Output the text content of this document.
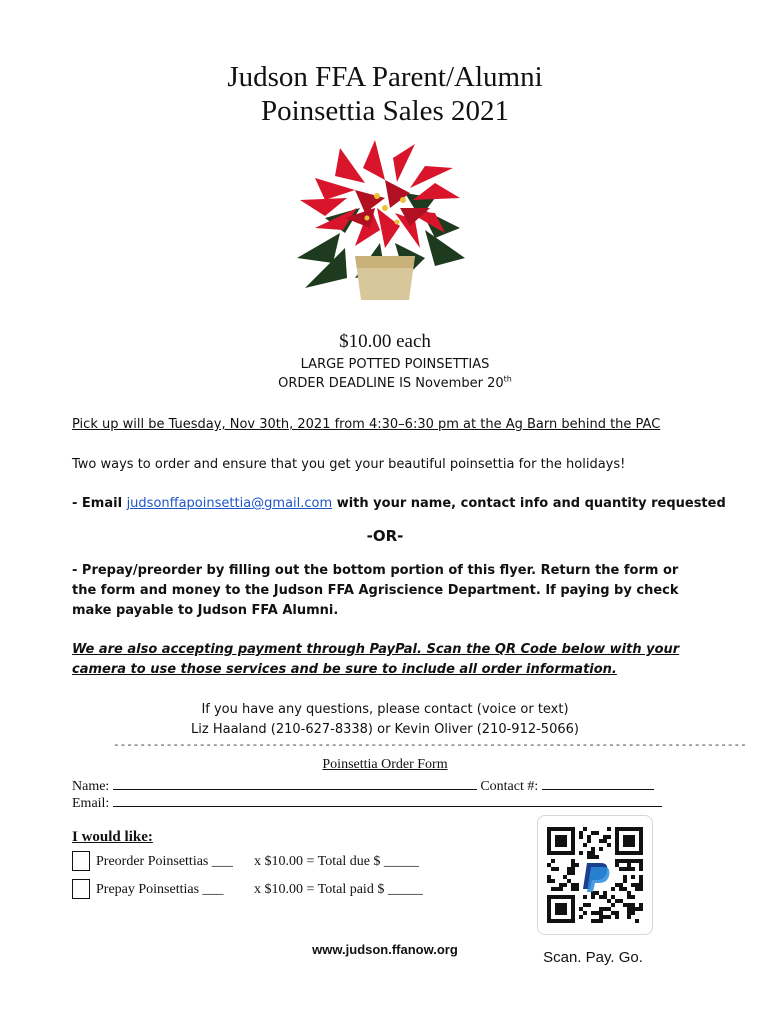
Judson FFA Parent/Alumni
Poinsettia Sales 2021
$10.00 each
LARGE POTTED POINSETTIAS
ORDER DEADLINE IS November 20th
Pick up will be Tuesday, Nov 30th, 2021 from 4:30–6:30 pm at the Ag Barn behind the PAC
Two ways to order and ensure that you get your beautiful poinsettia for the holidays!
- Email judsonffapoinsettia@gmail.com with your name, contact info and quantity requested
-OR-
- Prepay/preorder by filling out the bottom portion of this flyer. Return the form or the form and money to the Judson FFA Agriscience Department. If paying by check make payable to Judson FFA Alumni.
We are also accepting payment through PayPal. Scan the QR Code below with your camera to use those services and be sure to include all order information.
If you have any questions, please contact (voice or text)
Liz Haaland (210-627-8338) or Kevin Oliver (210-912-5066)
------------------------------------------------------------------------------------------------
Poinsettia Order Form
Name:	Contact #:
Email:
I would like:
Preorder Poinsettias ___ x $10.00 = Total due $ _____
Prepay Poinsettias ___ x $10.00 = Total paid $ _____
Scan. Pay. Go.
www.judson.ffanow.org
